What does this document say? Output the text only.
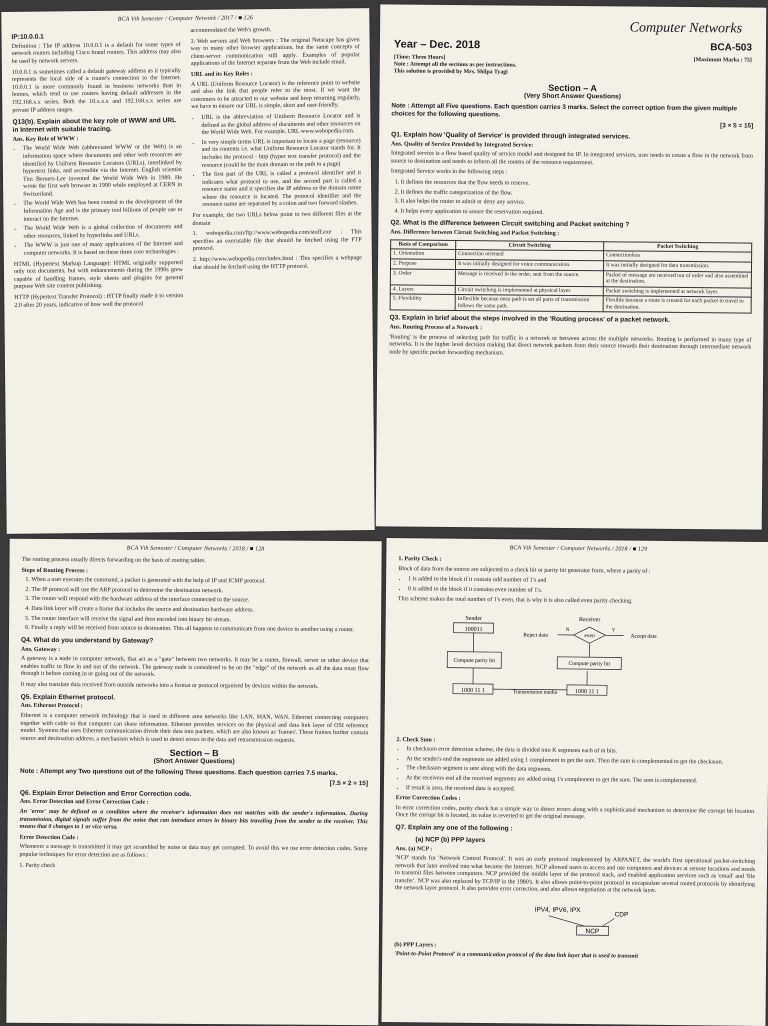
BCA Vth Semester / Computer Network / 2017 / ■ 126
IP:10.0.0.1

Definition : The IP address 10.0.0.1 is a default for some types of network routers including Cisco brand routers. This address may also be used by network servers.

10.0.0.1 is sometimes called a default gateway address as it typically represents the local side of a router's connection to the Internet. 10.0.0.1 is more commonly found in business networks than in homes, which tend to use routers having default addresses in the 192.168.x.x series. Both the 10.x.x.x and 192.168.x.x series are private IP address ranges.

Q13(b). Explain about the key role of WWW and URL in Internet with suitable tracing.
Ans. Key Role of WWW :
• The World Wide Web (abbreviated WWW or the Web) is an information space where documents and other web resources are identified by Uniform Resource Locators (URLs), interlinked by hypertext links, and accessible via the Internet. English scientist Tim Berners-Lee invented the World Wide Web in 1989. He wrote the first web browser in 1990 while employed at CERN in Switzerland.
• The World Wide Web has been central to the development of the Information Age and is the primary tool billions of people use to interact on the Internet.
• The World Wide Web is a global collection of documents and other resources, linked by hyperlinks and URLs.
• The WWW is just one of many applications of the Internet and computer networks. It is based on these three core technologies :

HTML (Hypertext Markup Language): HTML originally supported only text documents, but with enhancements during the 1990s grew capable of handling frames, style sheets and plugins for general purpose Web site content publishing.

HTTP (Hypertext Transfer Protocol) : HTTP finally made it to version 2.0 after 20 years, indicative of how well the protocol

accommodated the Web's growth.

3. Web servers and Web browsers : The original Netscape has given way to many other browser applications, but the same concepts of client-server communication still apply. Examples of popular applications of the Internet separate from the Web include email.

URL and its Key Roles :

A URL (Uniform Resource Locator) is the reference point to website and also the link that people refer to the most. If we want the customers to be attracted to our website and keep returning regularly, we have to ensure our URL is simple, short and user-friendly.

• URL is the abbreviation of Uniform Resource Locator and is defined as the global address of documents and other resources on the World Wide Web. For example, URL www.webopedia.com.
• In very simple terms URL is important to locate a page (resource) and its contents i.e. what Uniform Resource Locator stands for. It includes the protocol - http (hyper text transfer protocol) and the resource (could be the main domain or the path to a page)
• The first part of the URL is called a protocol identifier and it indicates what protocol to use, and the second part is called a resource name and it specifies the IP address or the domain name where the resource is located. The protocol identifier and the resource name are separated by a colon and two forward slashes.

For example, the two URLs below point to two different files at the domain

1. webopedia.com/ftp://www.webopedia.com/stuff.exe : This specifies an executable file that should be fetched using the FTP protocol.

2. http://www.webopedia.com/index.html : This specifies a webpage that should be fetched using the HTTP protocol.

Computer Networks
Year – Dec. 2018	BCA-503
[Time: Three Hours]
Note : Attempt all the sections as per instructions.
This solution is provided by Mrs. Shilpa Tyagi
[Maximum Marks : 75]
Section – A
(Very Short Answer Questions)
Note : Attempt all Five questions. Each question carries 3 marks. Select the correct option from the given multiple choices for the following questions.
[3 × 5 = 15]
Q1. Explain how 'Quality of Service' is provided through integrated services.
Ans. Quality of Service Provided by Integrated Service:

Integrated service is a flow based quality of service model and designed for IP. In integrated services, user needs to create a flow in the network from source to destination and needs to inform all the routers of the resource requirement.

Integrated Service works in the following steps :

1. It defines the resources that the flow needs to reserve.
2. It defines the traffic categorization of the flow.
3. It also helps the router to admit or deny any service.
4. It helps every application to assure the reservation required.
Q2. What is the difference between Circuit switching and Packet switching ?
Ans. Difference between Circuit Switching and Packet Switching :
Basis of Comparison	Circuit Switching	Packet Switching
1. Orientation	Connection oriented	Connectionless
2. Purpose	It was initially designed for voice communication.	It was initially designed for data transmission.
3. Order	Message is received in the order, sent from the source.	Packet of message are received out of order and also assembled at the destination.
4. Layers	Circuit switching is implemented at physical layer.	Packet switching is implemented at network layer.
5. Flexibility	Inflexible because once path is set all parts of transmission follows the same path.	Flexible because a route is created for each packet to travel to the destination.
Q3. Explain in brief about the steps involved in the 'Routing process' of a packet network.
Ans. Routing Process of a Network :

'Routing' is the process of selecting path for traffic in a network or between across the multiple networks. Routing is performed in many type of networks. It is the higher level decision making that direct network packets from their source towards their destination through intermediate network node by specific packet forwarding mechanism.

BCA Vth Semester / Computer Networks / 2018 / ■ 128

The routing process usually directs forwarding on the basis of routing tables.

Steps of Routing Process :
1. When a user executes the command, a packet is generated with the help of IP and ICMP protocol.
2. The IP protocol will use the ARP protocol to determine the destination network.
3. The router will respond with the hardware address of the interface connected to the source.
4. Data link layer will create a frame that includes the source and destination hardware address.
5. The router interface will receive the signal and then encoded into binary bit stream.
6. Finally a reply will be received from source to destination. This all happens to communicate from one device to another using a router.
Q4. What do you understand by Gateway?
Ans. Gateway :

A gateway is a node in computer network, that act as a "gate" between two networks. It may be a router, firewall, server or other device that enables traffic to flow in and out of the network. The gateway node is considered to be on the "edge" of the network as all the data must flow through it before coming in or going out of the network.

It may also translate data received from outside networks into a format or protocol organised by devices within the network.

Q5. Explain Ethernet protocol.
Ans. Ethernet Protocol :

Ethernet is a computer network technology that is used in different area networks like LAN, MAN, WAN. Ethernet connecting computers together with cable so that computer can share information. Ethernet provides services on the physical and data link layer of OSI reference model. Systems that uses Ethernet communication divide their data into packets, which are also known as 'frames'. These frames further contain source and destination address, a mechanism which is used to detect errors in the data and retransmission requests.

Section – B
(Short Answer Questions)
Note : Attempt any Two questions out of the following Three questions. Each question carries 7.5 marks.
[7.5 × 2 = 15]
Q6. Explain Error Detection and Error Correction code.
Ans. Error Detection and Error Correction Code :

An 'error' may be defined as a condition where the receiver's information does not matches with the sender's information. During transmission, digital signals suffer from the noise that can introduce errors in binary bits traveling from the sender to the receiver. This means that 0 changes to 1 or vice versa.

Error Detection Code :

Whenever a message is transmitted it may get scrambled by noise or data may get corrupted. To avoid this we use error detection codes. Some popular techniques for error detection are as follows :

1. Parity check

BCA Vth Semester / Computer Networks / 2018 / ■ 129
1. Parity Check :

Block of data from the source are subjected to a check bit or parity bit generator form, where a parity of :

• 1 is added to the block if it contain odd number of 1's and
• 0 is added to the block if it contains even number of 1's.

This scheme makes the total number of 1's even, that is why it is also called even parity checking.

Sender
100011
Compute parity bit
1000 11 1	Transmission media	1000 11 1
Compute parity bit
even
Receiver
N
Reject data
Y
Accept data
2. Check Sum :
• In checksum error detection scheme, the data is divided into K segments each of m bits.
• At the sender's end the segments are added using 1 complement to get the sum. Then the sum is complemented to get the checksum.
• The checksum segment is sent along with the data segments.
• At the receivers end all the received segments are added using 1's complement to get the sum. The sum is complemented.
• If result is zero, the received data is accepted.
Error Correction Codes :

In error correction codes, parity check has a simple way to detect errors along with a sophisticated mechanism to determine the corrupt bit location. Once the corrupt bit is located, its value is reverted to get the original message.

Q7. Explain any one of the following :
(a) NCP (b) PPP layers
Ans. (a) NCP :

'NCP' stands for 'Network Control Protocol'. It was an early protocol implemented by ARPANET, the world's first operational packet-switching network that later evolved into what became the Internet. NCP allowed users to access and use computers and devices at remote locations and needs to transmit files between computers. NCP provided the middle layer of the protocol stack, and enabled application services such as 'email' and 'file transfer'. NCP was also replaced by TCP/IP in the 1980's. It also allows point-to-point protocol to encapsulate several routed protocols by identifying the network layer protocol. It also provides error correction, and also allows negotiation at the network layer.

IPV4, IPV6, IPX
CDP
NCP
(b) PPP Layers :

'Point-to-Point Protocol' is a communication protocol of the data link layer that is used to transmit
